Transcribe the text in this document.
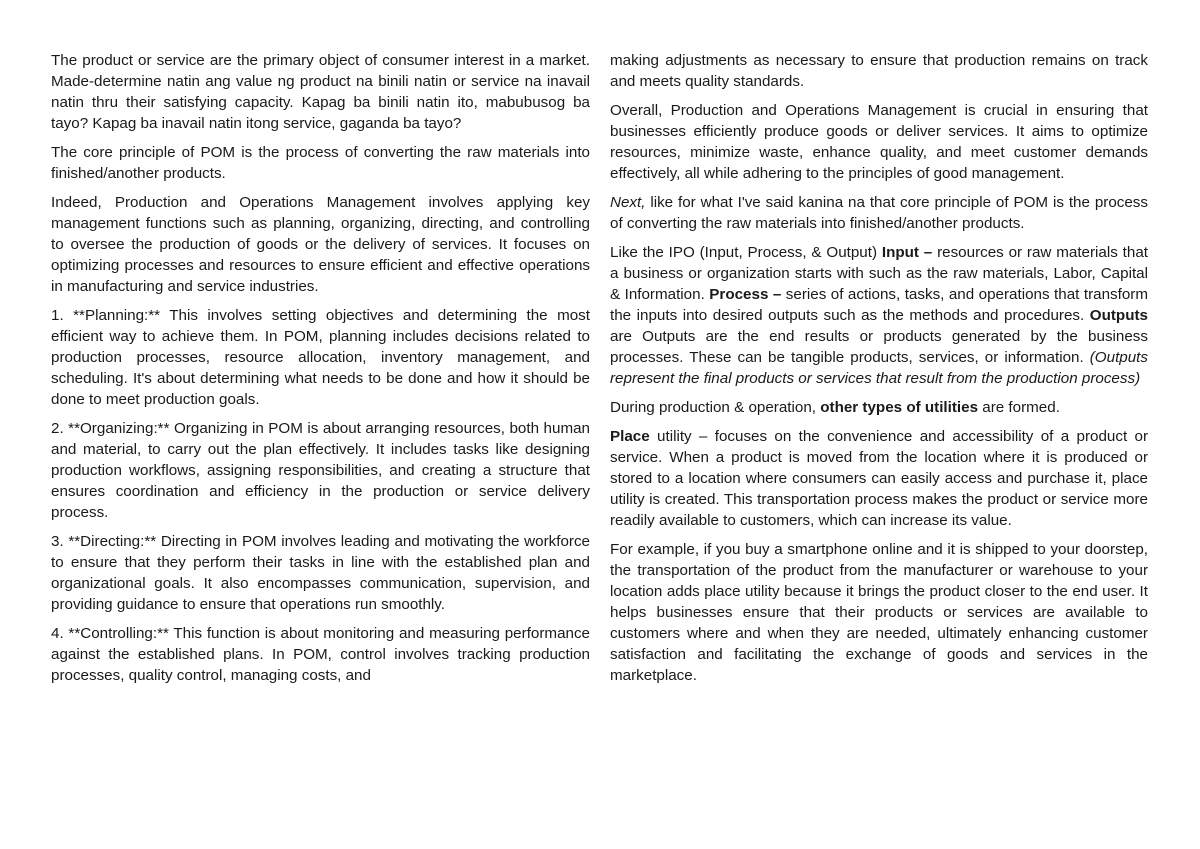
The product or service are the primary object of consumer interest in a market. Made-determine natin ang value ng product na binili natin or service na inavail natin thru their satisfying capacity. Kapag ba binili natin ito, mabubusog ba tayo? Kapag ba inavail natin itong service, gaganda ba tayo?

The core principle of POM is the process of converting the raw materials into finished/another products.

Indeed, Production and Operations Management involves applying key management functions such as planning, organizing, directing, and controlling to oversee the production of goods or the delivery of services. It focuses on optimizing processes and resources to ensure efficient and effective operations in manufacturing and service industries.

1. **Planning:** This involves setting objectives and determining the most efficient way to achieve them. In POM, planning includes decisions related to production processes, resource allocation, inventory management, and scheduling. It's about determining what needs to be done and how it should be done to meet production goals.

2. **Organizing:** Organizing in POM is about arranging resources, both human and material, to carry out the plan effectively. It includes tasks like designing production workflows, assigning responsibilities, and creating a structure that ensures coordination and efficiency in the production or service delivery process.

3. **Directing:** Directing in POM involves leading and motivating the workforce to ensure that they perform their tasks in line with the established plan and organizational goals. It also encompasses communication, supervision, and providing guidance to ensure that operations run smoothly.

4. **Controlling:** This function is about monitoring and measuring performance against the established plans. In POM, control involves tracking production processes, quality control, managing costs, and

making adjustments as necessary to ensure that production remains on track and meets quality standards.

Overall, Production and Operations Management is crucial in ensuring that businesses efficiently produce goods or deliver services. It aims to optimize resources, minimize waste, enhance quality, and meet customer demands effectively, all while adhering to the principles of good management.

Next, like for what I've said kanina na that core principle of POM is the process of converting the raw materials into finished/another products.

Like the IPO (Input, Process, & Output) Input – resources or raw materials that a business or organization starts with such as the raw materials, Labor, Capital & Information. Process – series of actions, tasks, and operations that transform the inputs into desired outputs such as the methods and procedures. Outputs are Outputs are the end results or products generated by the business processes. These can be tangible products, services, or information. (Outputs represent the final products or services that result from the production process)

During production & operation, other types of utilities are formed.

Place utility – focuses on the convenience and accessibility of a product or service. When a product is moved from the location where it is produced or stored to a location where consumers can easily access and purchase it, place utility is created. This transportation process makes the product or service more readily available to customers, which can increase its value.

For example, if you buy a smartphone online and it is shipped to your doorstep, the transportation of the product from the manufacturer or warehouse to your location adds place utility because it brings the product closer to the end user. It helps businesses ensure that their products or services are available to customers where and when they are needed, ultimately enhancing customer satisfaction and facilitating the exchange of goods and services in the marketplace.
